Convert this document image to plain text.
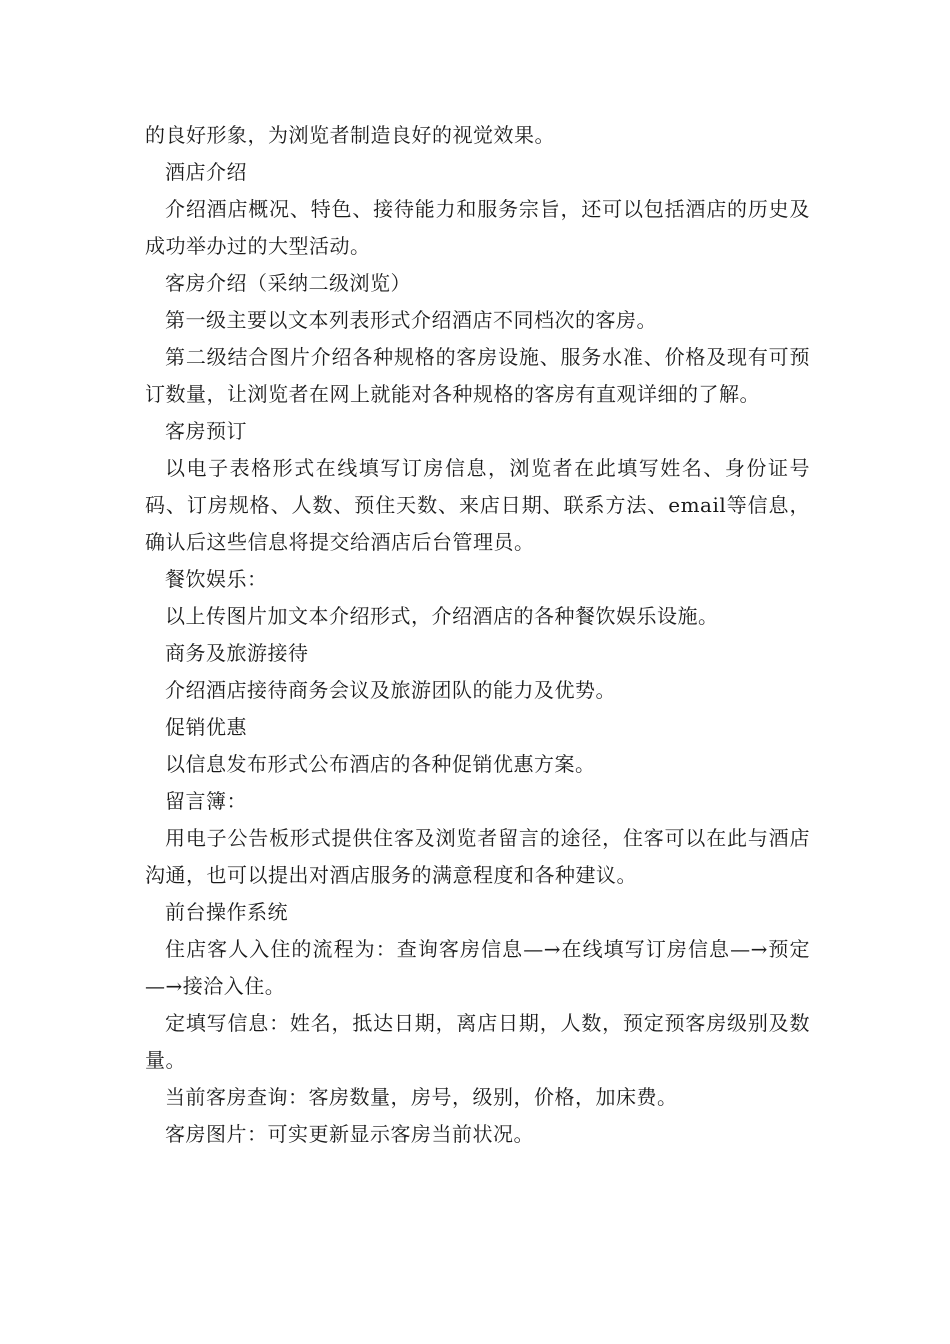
的良好形象，为浏览者制造良好的视觉效果。

酒店介绍

介绍酒店概况、特色、接待能力和服务宗旨，还可以包括酒店的历史及成功举办过的大型活动。

客房介绍（采纳二级浏览）

第一级主要以文本列表形式介绍酒店不同档次的客房。

第二级结合图片介绍各种规格的客房设施、服务水准、价格及现有可预订数量，让浏览者在网上就能对各种规格的客房有直观详细的了解。

客房预订

以电子表格形式在线填写订房信息，浏览者在此填写姓名、身份证号码、订房规格、人数、预住天数、来店日期、联系方法、email等信息，确认后这些信息将提交给酒店后台管理员。

餐饮娱乐：

以上传图片加文本介绍形式，介绍酒店的各种餐饮娱乐设施。

商务及旅游接待

介绍酒店接待商务会议及旅游团队的能力及优势。

促销优惠

以信息发布形式公布酒店的各种促销优惠方案。

留言簿：

用电子公告板形式提供住客及浏览者留言的途径，住客可以在此与酒店沟通，也可以提出对酒店服务的满意程度和各种建议。

前台操作系统

住店客人入住的流程为：查询客房信息—→在线填写订房信息—→预定—→接洽入住。

定填写信息：姓名，抵达日期，离店日期，人数，预定预客房级别及数量。

当前客房查询：客房数量，房号，级别，价格，加床费。

客房图片：可实更新显示客房当前状况。
